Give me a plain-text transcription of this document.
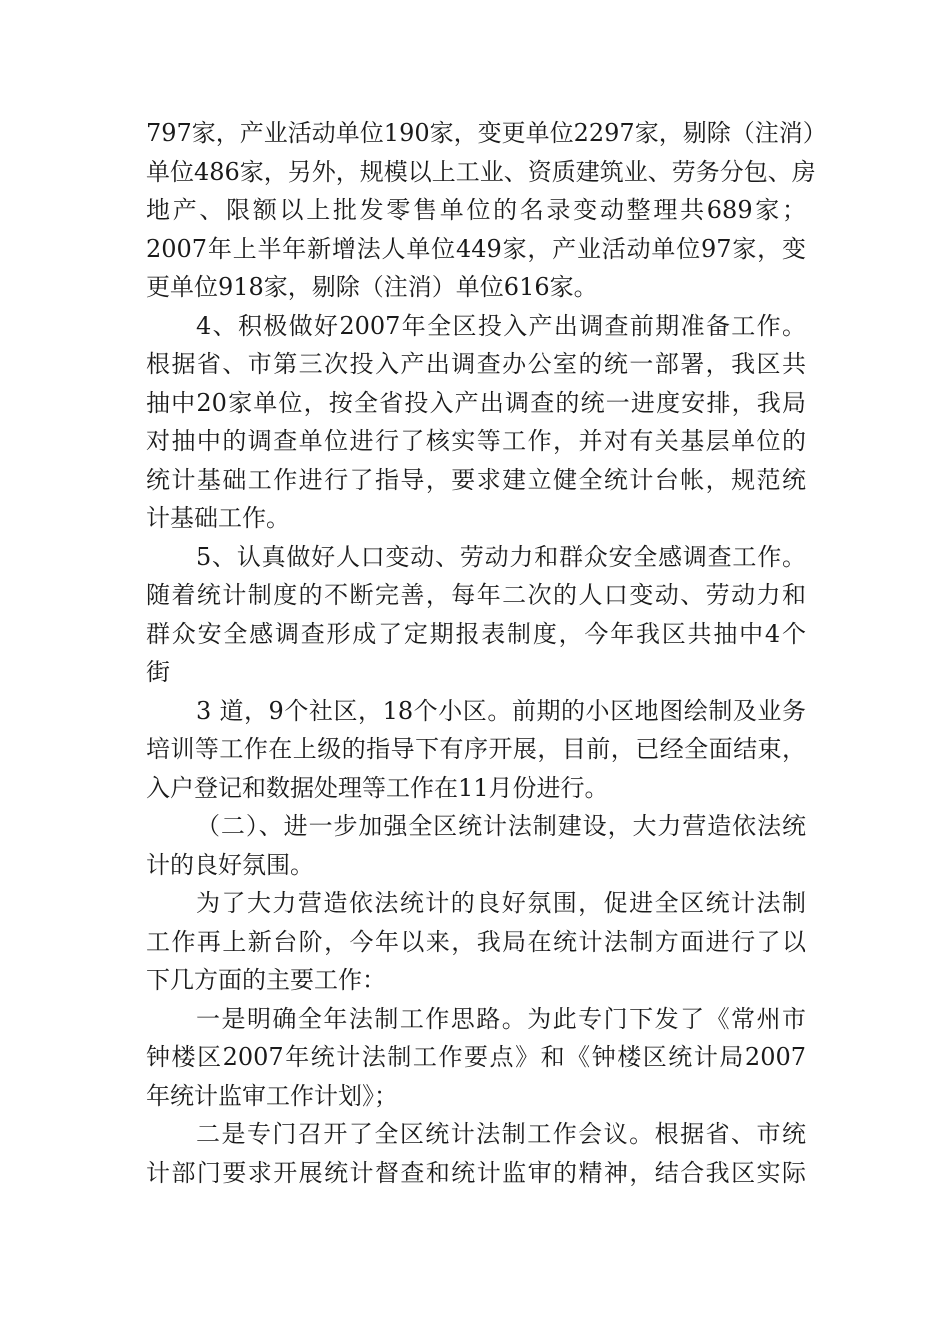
797家，产业活动单位190家，变更单位2297家，剔除（注消）
单位486家，另外，规模以上工业、资质建筑业、劳务分包、房
地产、限额以上批发零售单位的名录变动整理共689家；
2007年上半年新增法人单位449家，产业活动单位97家，变
更单位918家，剔除（注消）单位616家。
4、积极做好2007年全区投入产出调查前期准备工作。
根据省、市第三次投入产出调查办公室的统一部署，我区共
抽中20家单位，按全省投入产出调查的统一进度安排，我局
对抽中的调查单位进行了核实等工作，并对有关基层单位的
统计基础工作进行了指导，要求建立健全统计台帐，规范统
计基础工作。
5、认真做好人口变动、劳动力和群众安全感调查工作。
随着统计制度的不断完善，每年二次的人口变动、劳动力和
群众安全感调查形成了定期报表制度，今年我区共抽中4个
街
3 道，9个社区，18个小区。前期的小区地图绘制及业务
培训等工作在上级的指导下有序开展，目前，已经全面结束，
入户登记和数据处理等工作在11月份进行。
（二）、进一步加强全区统计法制建设，大力营造依法统
计的良好氛围。
为了大力营造依法统计的良好氛围，促进全区统计法制
工作再上新台阶，今年以来，我局在统计法制方面进行了以
下几方面的主要工作：
一是明确全年法制工作思路。为此专门下发了《常州市
钟楼区2007年统计法制工作要点》和《钟楼区统计局2007
年统计监审工作计划》；
二是专门召开了全区统计法制工作会议。根据省、市统
计部门要求开展统计督查和统计监审的精神，结合我区实际
